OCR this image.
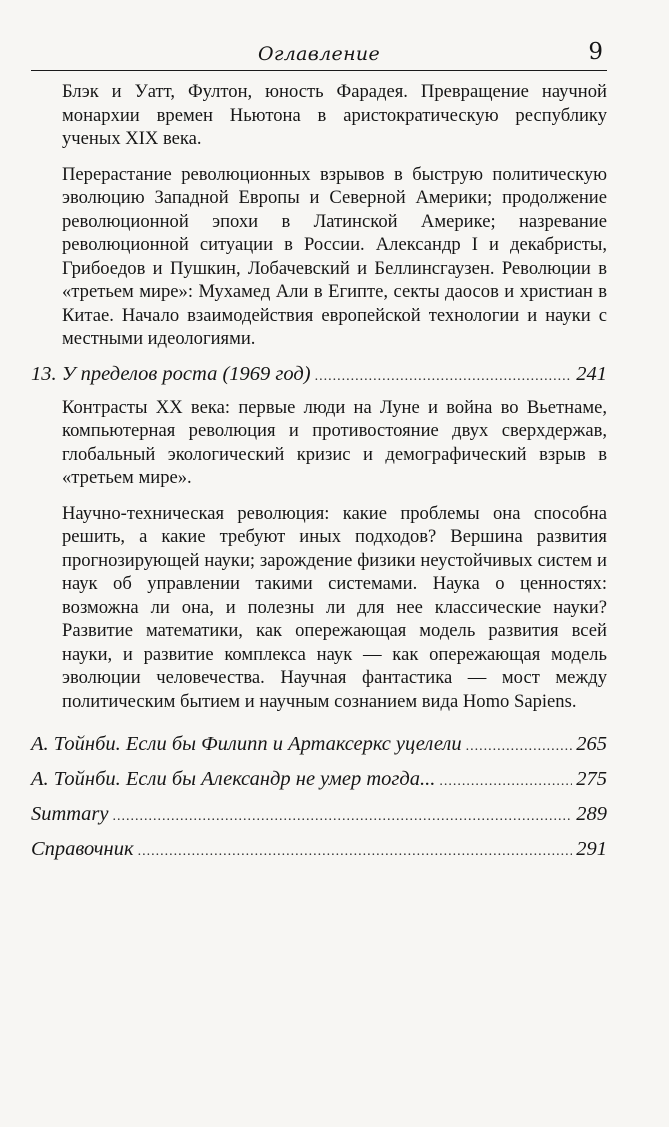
Оглавление	9

Блэк и Уатт, Фултон, юность Фарадея. Превращение научной монархии времен Ньютона в аристократическую республику ученых XIX века.

Перерастание революционных взрывов в быструю политическую эволюцию Западной Европы и Северной Америки; продолжение революционной эпохи в Латинской Америке; назревание революционной ситуации в России. Александр I и декабристы, Грибоедов и Пушкин, Лобачевский и Беллинсгаузен. Революции в «третьем мире»: Мухамед Али в Египте, секты даосов и христиан в Китае. Начало взаимодействия европейской технологии и науки с местными идеологиями.

13. У пределов роста (1969 год) .....	241

Контрасты XX века: первые люди на Луне и война во Вьетнаме, компьютерная революция и противостояние двух сверхдержав, глобальный экологический кризис и демографический взрыв в «третьем мире».

Научно-техническая революция: какие проблемы она способна решить, а какие требуют иных подходов? Вершина развития прогнозирующей науки; зарождение физики неустойчивых систем и наук об управлении такими системами. Наука о ценностях: возможна ли она, и полезны ли для нее классические науки? Развитие математики, как опережающая модель развития всей науки, и развитие комплекса наук — как опережающая модель эволюции человечества. Научная фантастика — мост между политическим бытием и научным сознанием вида Homo Sapiens.

А. Тойнби. Если бы Филипп и Артаксеркс уцелели .....	265
А. Тойнби. Если бы Александр не умер тогда... .....	275
Summary .....	289
Справочник .....	291
